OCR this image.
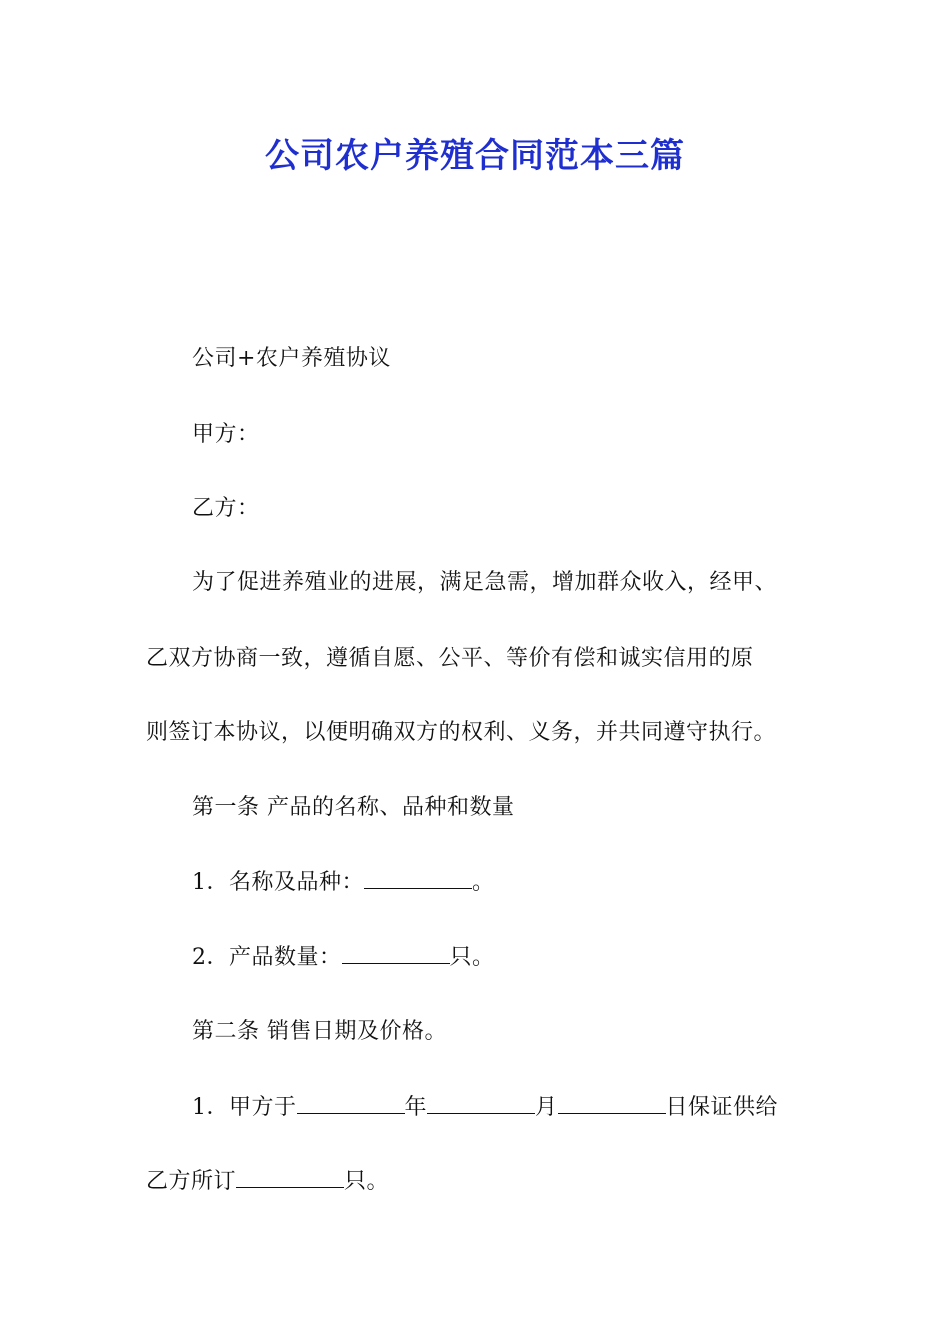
公司农户养殖合同范本三篇
公司+农户养殖协议
甲方：
乙方：
为了促进养殖业的进展，满足急需，增加群众收入，经甲、
乙双方协商一致，遵循自愿、公平、等价有偿和诚实信用的原
则签订本协议，以便明确双方的权利、义务，并共同遵守执行。
第一条 产品的名称、品种和数量
1．名称及品种：	。
2．产品数量：	只。
第二条 销售日期及价格。
1．甲方于	年	月	日保证供给
乙方所订	只。
